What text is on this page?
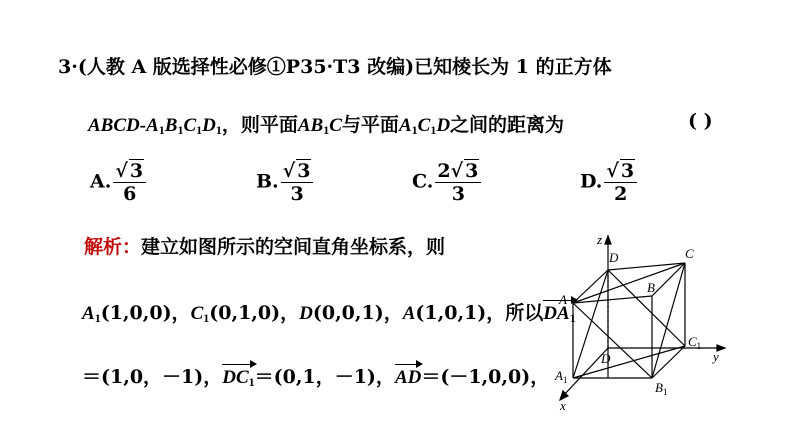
3·(人教 A 版选择性必修①P35·T3 改编)已知棱长为 1 的正方体
ABCD-$A_1B_1C_1D_1$，则平面$AB_1C$与平面$A_1C_1D$之间的距离为	( )
A. $\frac{√ 3}{6}$	B. $\frac{√ 3}{3}$	C. $\frac{2√ 3}{3}$	D. $\frac{√ 3}{2}$
解析：建立如图所示的空间直角坐标系，则
$A_1(1,0,0)$，$C_1(0,1,0)$，D(0,0,1)，A(1,0,1)，所以$DA_1$
＝(1,0，－1)，$DC_1=(0,1$，－1)，AD＝(－1,0,0)，
z
D	C
A
B
D
$C_1$
y
$A_1$	$B_1$
x
